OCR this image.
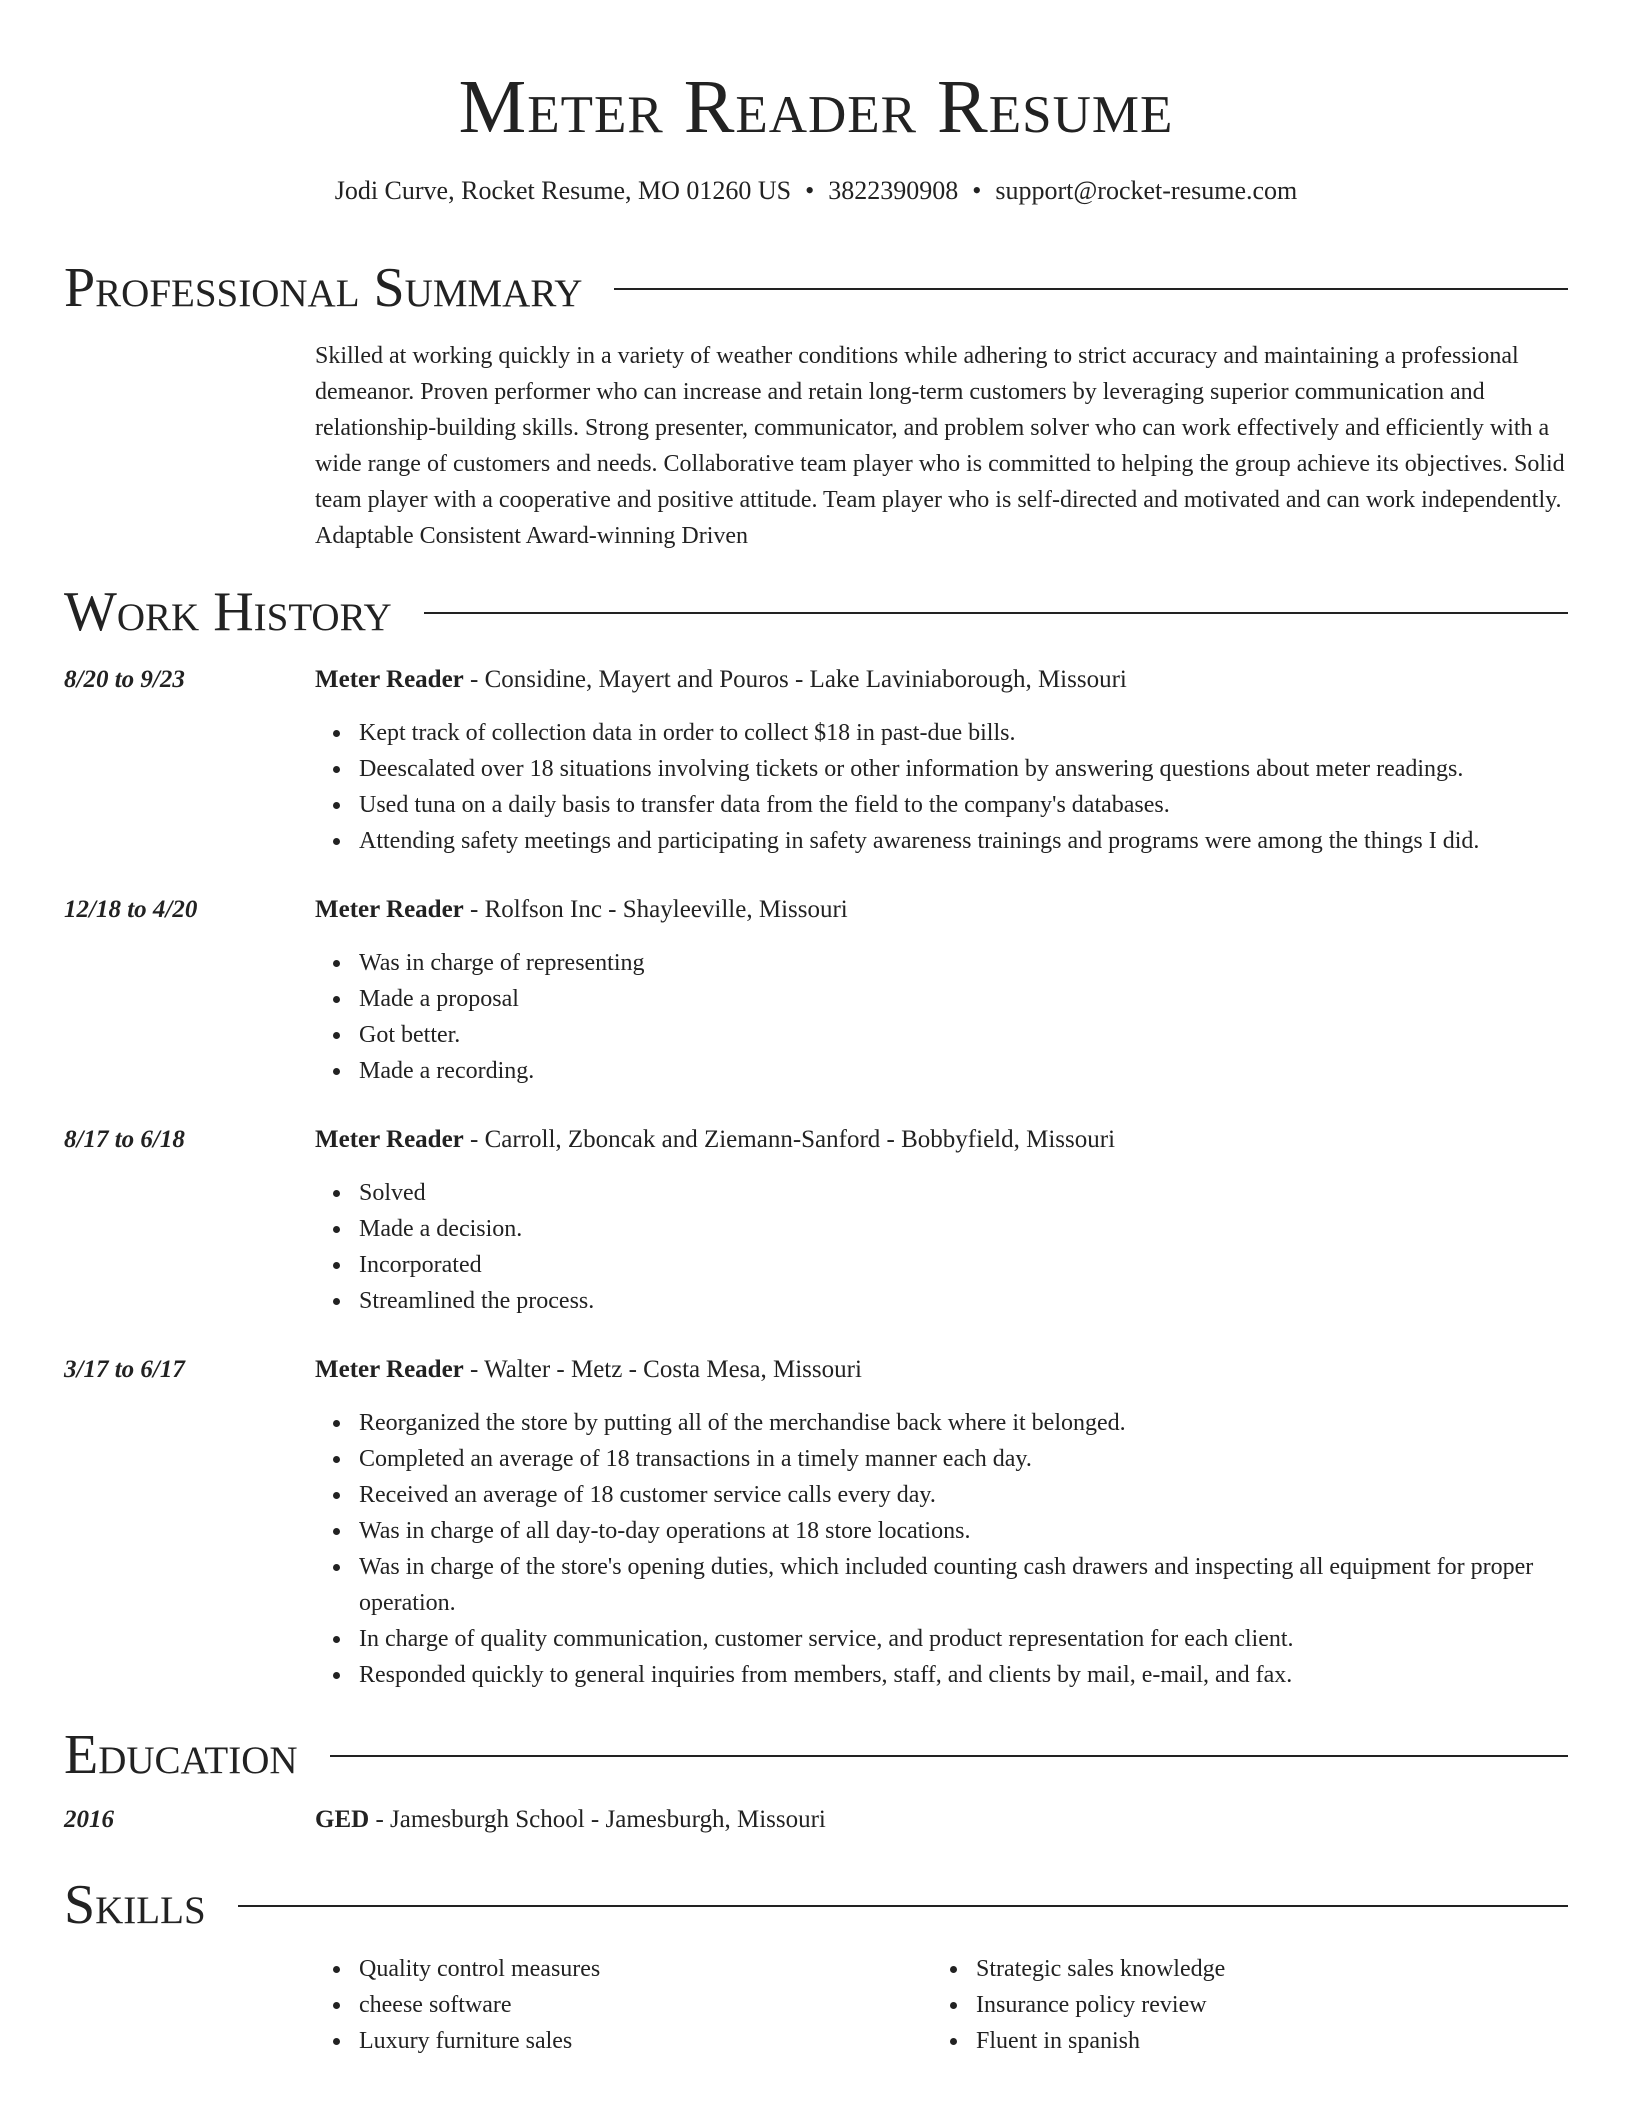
Meter Reader Resume
Jodi Curve, Rocket Resume, MO 01260 US • 3822390908 • support@rocket-resume.com
Professional Summary
Skilled at working quickly in a variety of weather conditions while adhering to strict accuracy and maintaining a professional demeanor. Proven performer who can increase and retain long-term customers by leveraging superior communication and relationship-building skills. Strong presenter, communicator, and problem solver who can work effectively and efficiently with a wide range of customers and needs. Collaborative team player who is committed to helping the group achieve its objectives. Solid team player with a cooperative and positive attitude. Team player who is self-directed and motivated and can work independently. Adaptable Consistent Award-winning Driven
Work History
8/20 to 9/23	Meter Reader - Considine, Mayert and Pouros - Lake Laviniaborough, Missouri
Kept track of collection data in order to collect $18 in past-due bills.
Deescalated over 18 situations involving tickets or other information by answering questions about meter readings.
Used tuna on a daily basis to transfer data from the field to the company's databases.
Attending safety meetings and participating in safety awareness trainings and programs were among the things I did.
12/18 to 4/20	Meter Reader - Rolfson Inc - Shayleeville, Missouri
Was in charge of representing
Made a proposal
Got better.
Made a recording.
8/17 to 6/18	Meter Reader - Carroll, Zboncak and Ziemann-Sanford - Bobbyfield, Missouri
Solved
Made a decision.
Incorporated
Streamlined the process.
3/17 to 6/17	Meter Reader - Walter - Metz - Costa Mesa, Missouri
Reorganized the store by putting all of the merchandise back where it belonged.
Completed an average of 18 transactions in a timely manner each day.
Received an average of 18 customer service calls every day.
Was in charge of all day-to-day operations at 18 store locations.
Was in charge of the store's opening duties, which included counting cash drawers and inspecting all equipment for proper operation.
In charge of quality communication, customer service, and product representation for each client.
Responded quickly to general inquiries from members, staff, and clients by mail, e-mail, and fax.
Education
2016	GED - Jamesburgh School - Jamesburgh, Missouri
Skills
Quality control measures
cheese software
Luxury furniture sales
Strategic sales knowledge
Insurance policy review
Fluent in spanish
